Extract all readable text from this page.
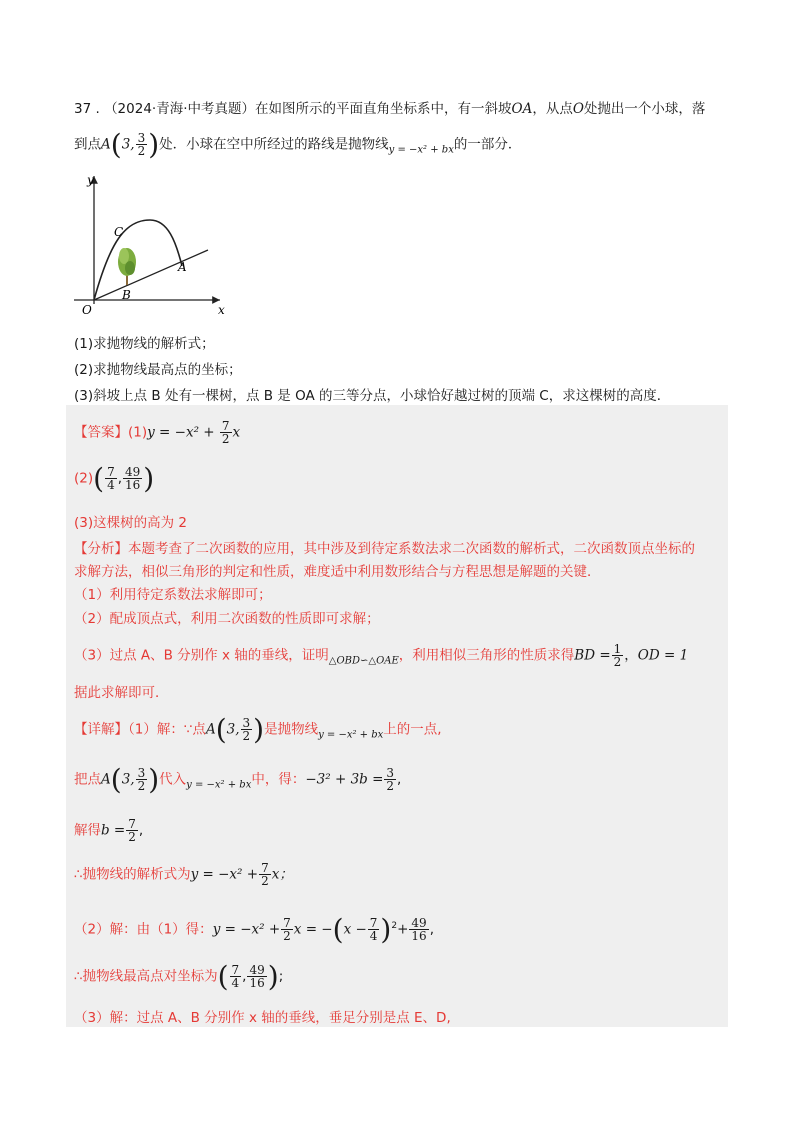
37 . （2024·青海·中考真题）在如图所示的平面直角坐标系中，有一斜坡OA，从点O处抛出一个小球，落
到点A(3, $\frac{3}{2}$ )处．小球在空中所经过的路线是抛物线$_{y = -x^2 + bx}$的一部分．
y
x
O
A
B
C
(1)求抛物线的解析式；
(2)求抛物线最高点的坐标；
(3)斜坡上点 B 处有一棵树，点 B 是 OA 的三等分点，小球恰好越过树的顶端 C，求这棵树的高度．
【答案】$(1)y = -x^2 + \frac{7}{2}$ x
$(2)( \frac{7}{4}$ , $\frac{49}{16}$ )
(3)这棵树的高为 2
【分析】本题考查了二次函数的应用，其中涉及到待定系数法求二次函数的解析式，二次函数顶点坐标的
求解方法，相似三角形的判定和性质，难度适中利用数形结合与方程思想是解题的关键．
（1）利用待定系数法求解即可；
（2）配成顶点式，利用二次函数的性质即可求解；
（3）过点 A、B 分别作 x 轴的垂线，证明$_{\triangle OBD∽\triangle OAE}$，利用相似三角形的性质求得BD = $\frac{1}{2}$ ，OD = 1
据此求解即可．
【详解】（1）解：∵点A(3, $\frac{3}{2}$ )是抛物线$_{y = -x^2 + bx}$上的一点,
把点A(3, $\frac{3}{2}$ )代入$_{y = -x^2 + bx}$中，得：$-3^2 + 3b = \frac{3}{2}$ ,
解得$b = \frac{7}{2}$ ,
∴抛物线的解析式为$y = -x^2 + \frac{7}{2}$ x；
（2）解：由（1）得：$y = -x^2 + \frac{7}{2}$ $x = -(x - \frac{7}{4} )^2+ \frac{49}{16}$ ,
∴抛物线最高点对坐标为( $\frac{7}{4}$ , $\frac{49}{16}$ );
（3）解：过点 A、B 分别作 x 轴的垂线，垂足分别是点 E、D,
